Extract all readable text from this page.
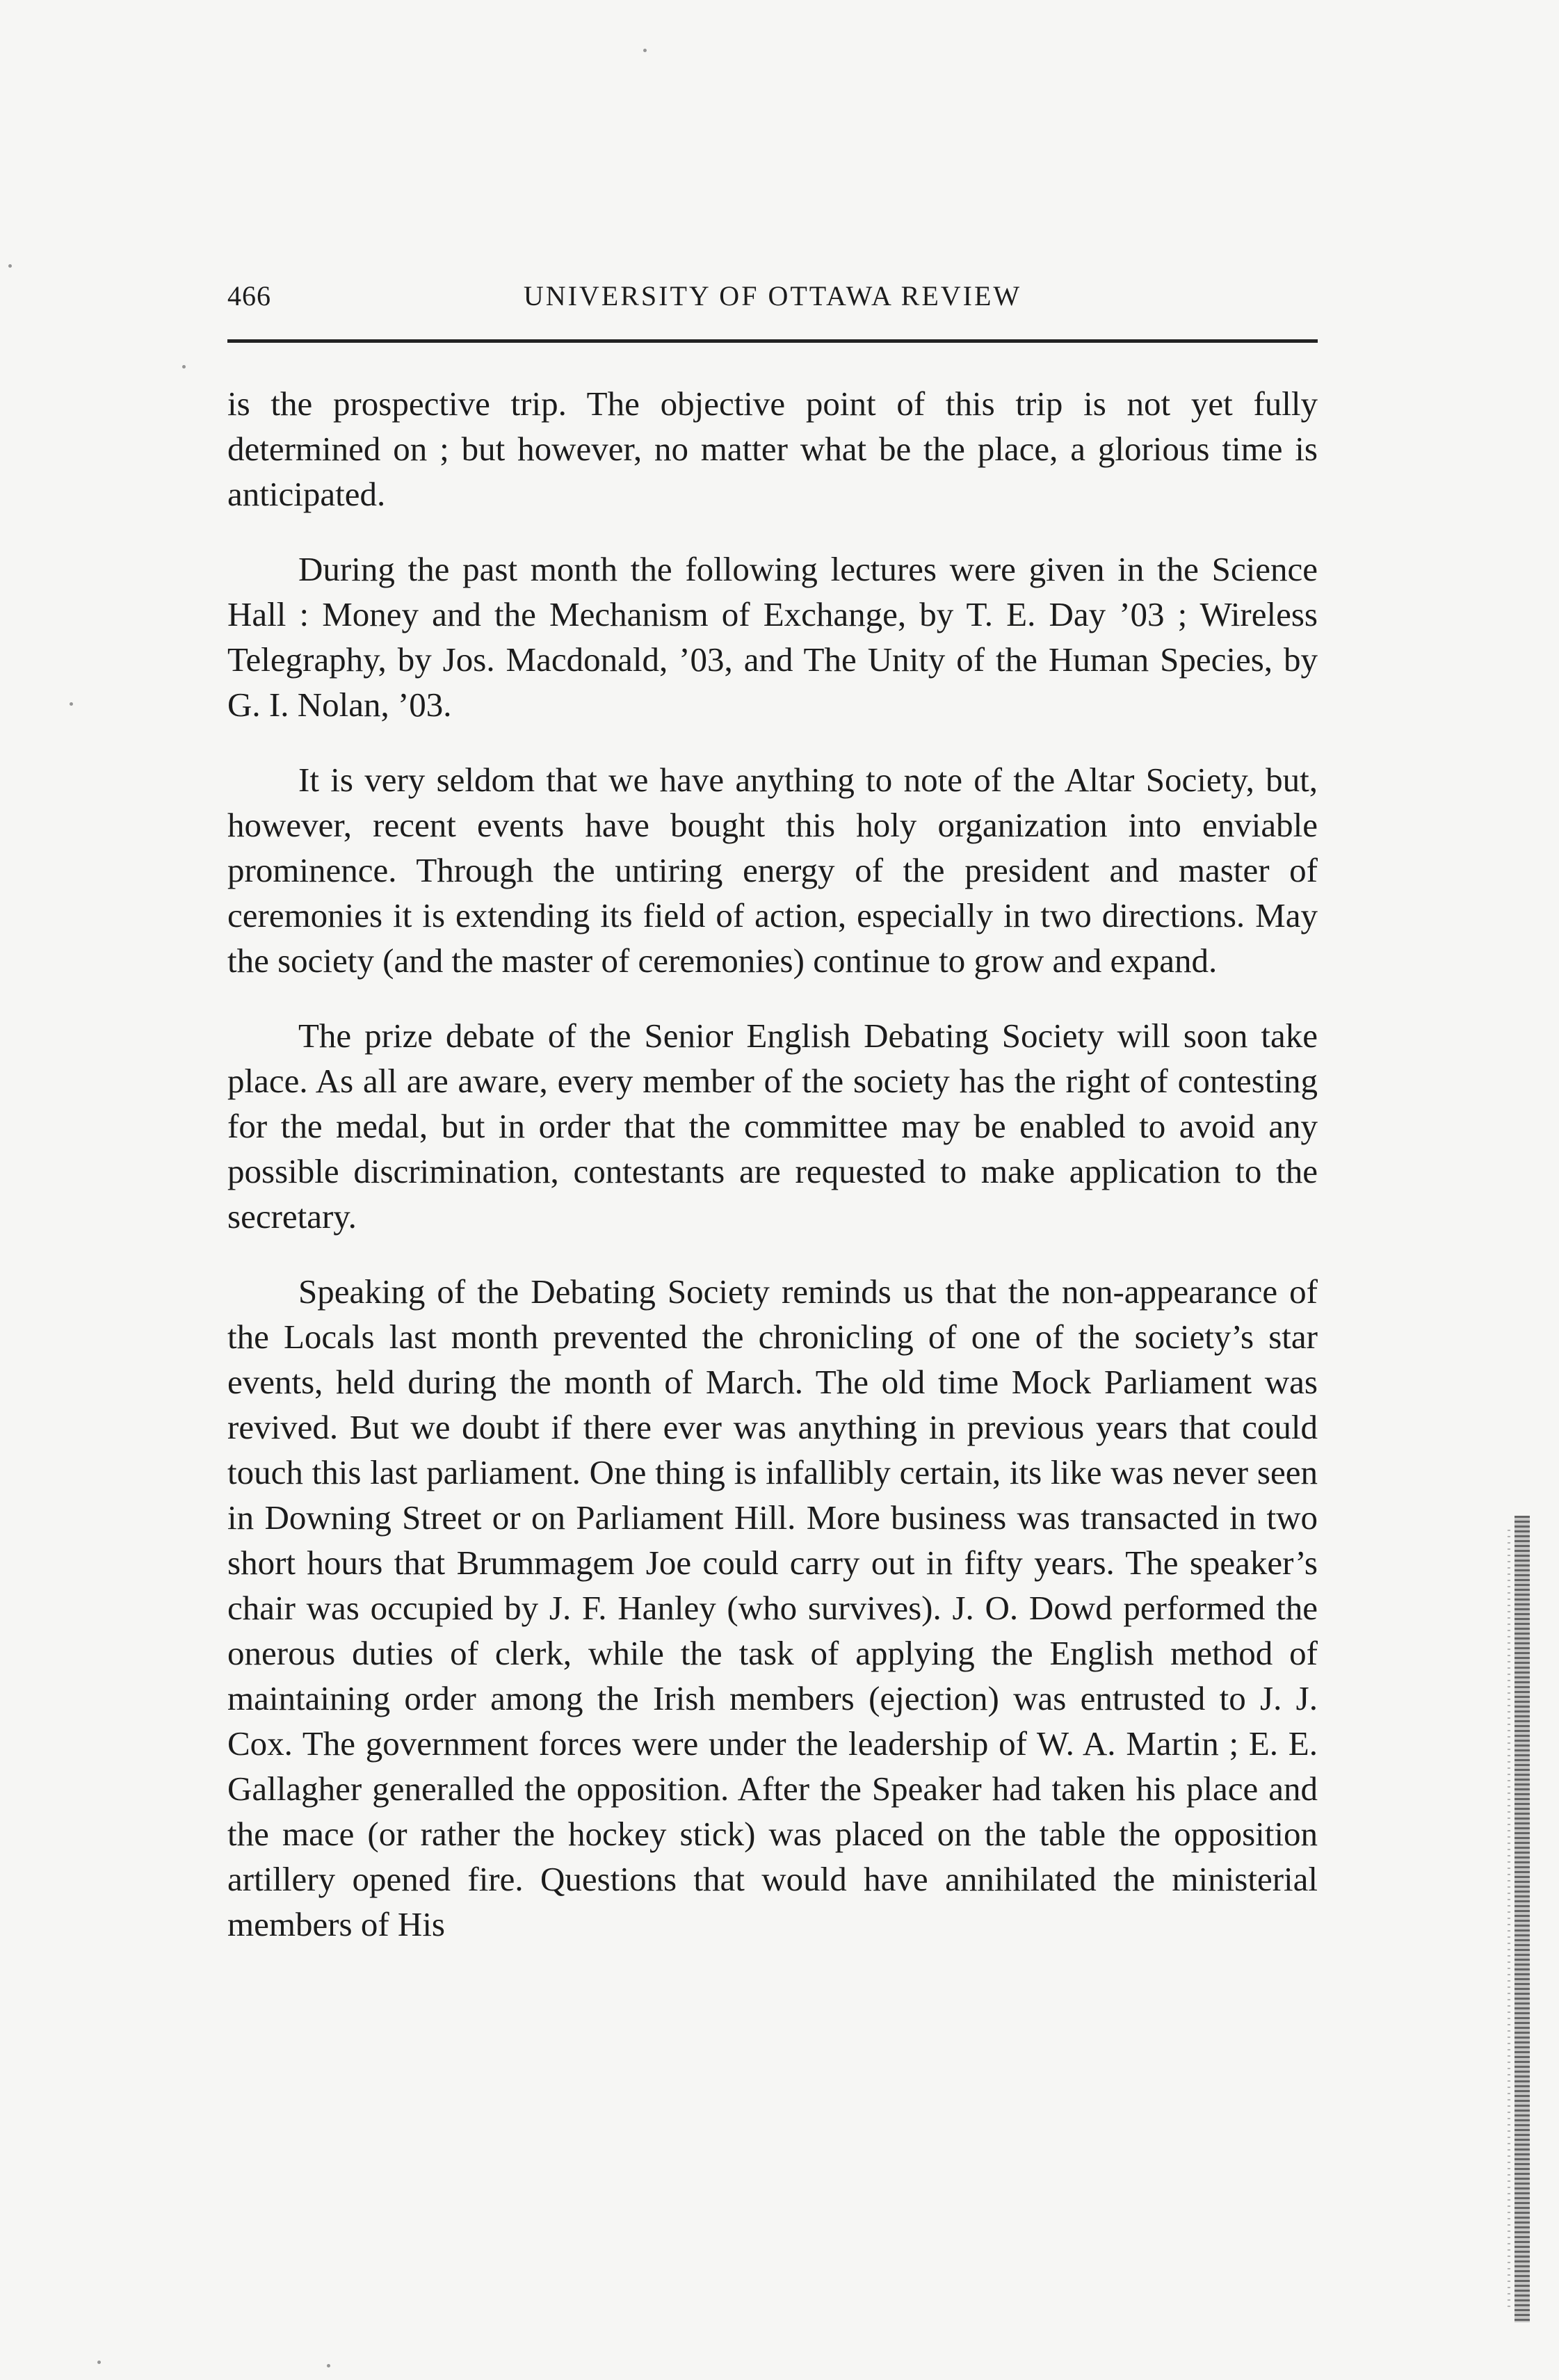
466	UNIVERSITY OF OTTAWA REVIEW

is the prospective trip. The objective point of this trip is not yet fully determined on ; but however, no matter what be the place, a glorious time is anticipated.

During the past month the following lectures were given in the Science Hall : Money and the Mechanism of Exchange, by T. E. Day ’03 ; Wireless Telegraphy, by Jos. Macdonald, ’03, and The Unity of the Human Species, by G. I. Nolan, ’03.

It is very seldom that we have anything to note of the Altar Society, but, however, recent events have bought this holy organization into enviable prominence. Through the untiring energy of the president and master of ceremonies it is extending its field of action, especially in two directions. May the society (and the master of ceremonies) continue to grow and expand.

The prize debate of the Senior English Debating Society will soon take place. As all are aware, every member of the society has the right of contesting for the medal, but in order that the committee may be enabled to avoid any possible discrimination, contestants are requested to make application to the secretary.

Speaking of the Debating Society reminds us that the non-appearance of the Locals last month prevented the chronicling of one of the society’s star events, held during the month of March. The old time Mock Parliament was revived. But we doubt if there ever was anything in previous years that could touch this last parliament. One thing is infallibly certain, its like was never seen in Downing Street or on Parliament Hill. More business was transacted in two short hours that Brummagem Joe could carry out in fifty years. The speaker’s chair was occupied by J. F. Hanley (who survives). J. O. Dowd performed the onerous duties of clerk, while the task of applying the English method of maintaining order among the Irish members (ejection) was entrusted to J. J. Cox. The government forces were under the leadership of W. A. Martin ; E. E. Gallagher generalled the opposition. After the Speaker had taken his place and the mace (or rather the hockey stick) was placed on the table the opposition artillery opened fire. Questions that would have annihilated the ministerial members of His
